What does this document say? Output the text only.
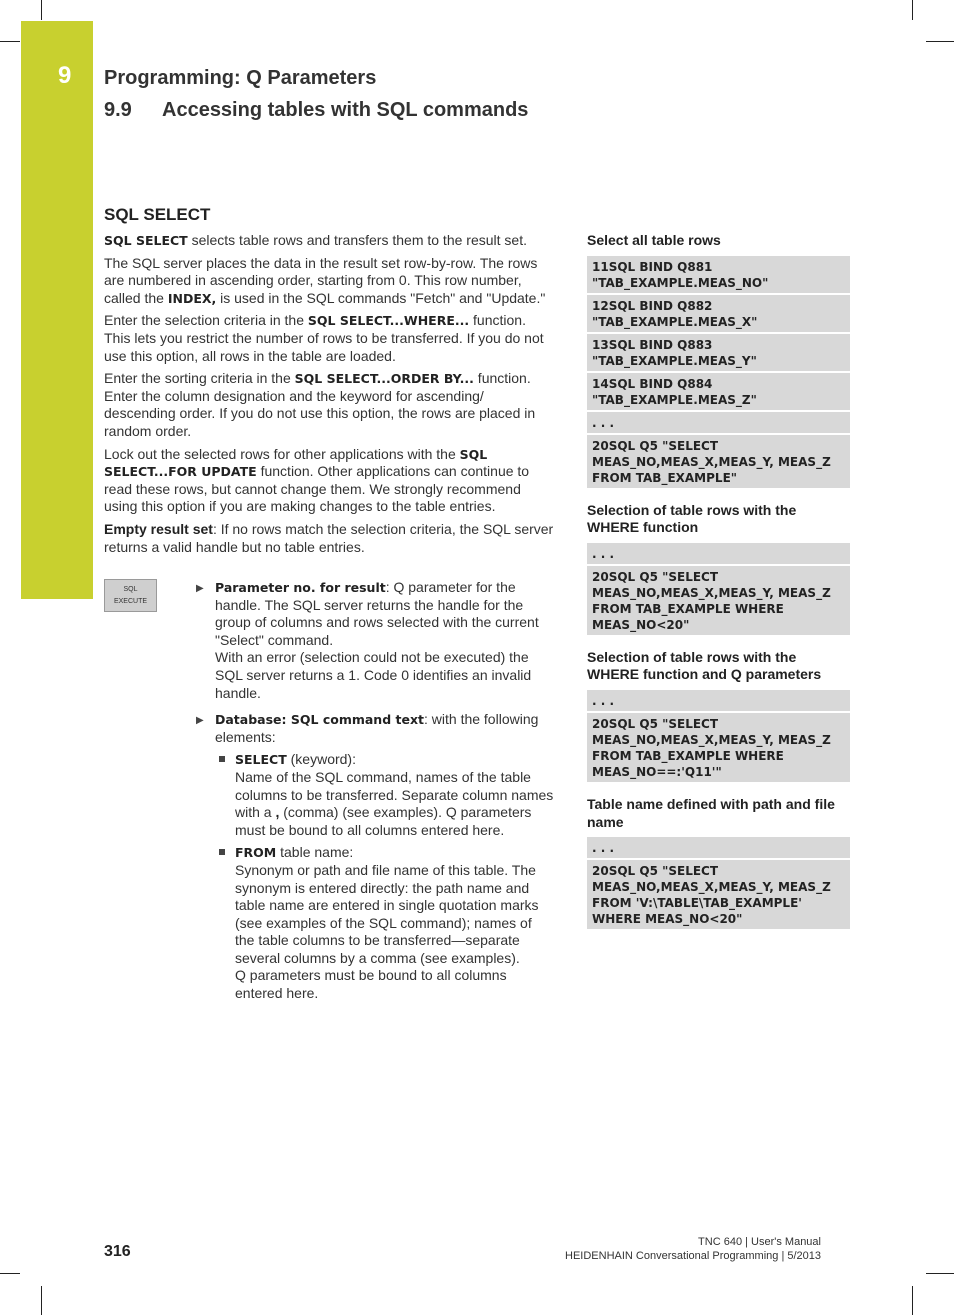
9 Programming: Q Parameters
9.9 Accessing tables with SQL commands
SQL SELECT

SQL SELECT selects table rows and transfers them to the result set.

The SQL server places the data in the result set row-by-row. The rows are numbered in ascending order, starting from 0. This row number, called the INDEX, is used in the SQL commands "Fetch" and "Update."

Enter the selection criteria in the SQL SELECT...WHERE... function. This lets you restrict the number of rows to be transferred. If you do not use this option, all rows in the table are loaded.

Enter the sorting criteria in the SQL SELECT...ORDER BY... function. Enter the column designation and the keyword for ascending/ descending order. If you do not use this option, the rows are placed in random order.

Lock out the selected rows for other applications with the SQL SELECT...FOR UPDATE function. Other applications can continue to read these rows, but cannot change them. We strongly recommend using this option if you are making changes to the table entries.

Empty result set: If no rows match the selection criteria, the SQL server returns a valid handle but no table entries.

SQL
EXECUTE
▶ Parameter no. for result: Q parameter for the handle. The SQL server returns the handle for the group of columns and rows selected with the current "Select" command.
With an error (selection could not be executed) the SQL server returns a 1. Code 0 identifies an invalid handle.
▶ Database: SQL command text: with the following elements:
SELECT (keyword):
Name of the SQL command, names of the table columns to be transferred. Separate column names with a , (comma) (see examples). Q parameters must be bound to all columns entered here.
FROM table name:
Synonym or path and file name of this table. The synonym is entered directly: the path name and table name are entered in single quotation marks (see examples of the SQL command); names of the table columns to be transferred—separate several columns by a comma (see examples).
Q parameters must be bound to all columns entered here.
Select all table rows
11SQL BIND Q881 "TAB_EXAMPLE.MEAS_NO"
12SQL BIND Q882 "TAB_EXAMPLE.MEAS_X"
13SQL BIND Q883 "TAB_EXAMPLE.MEAS_Y"
14SQL BIND Q884 "TAB_EXAMPLE.MEAS_Z"
. . .
20SQL Q5 "SELECT MEAS_NO,MEAS_X,MEAS_Y, MEAS_Z FROM TAB_EXAMPLE"
Selection of table rows with the WHERE function
. . .
20SQL Q5 "SELECT MEAS_NO,MEAS_X,MEAS_Y, MEAS_Z FROM TAB_EXAMPLE WHERE MEAS_NO<20"
Selection of table rows with the WHERE function and Q parameters
. . .
20SQL Q5 "SELECT MEAS_NO,MEAS_X,MEAS_Y, MEAS_Z FROM TAB_EXAMPLE WHERE MEAS_NO==:'Q11'"
Table name defined with path and file name
. . .
20SQL Q5 "SELECT MEAS_NO,MEAS_X,MEAS_Y, MEAS_Z FROM 'V:\TABLE\TAB_EXAMPLE' WHERE MEAS_NO<20"
316
TNC 640 | User's Manual
HEIDENHAIN Conversational Programming | 5/2013
